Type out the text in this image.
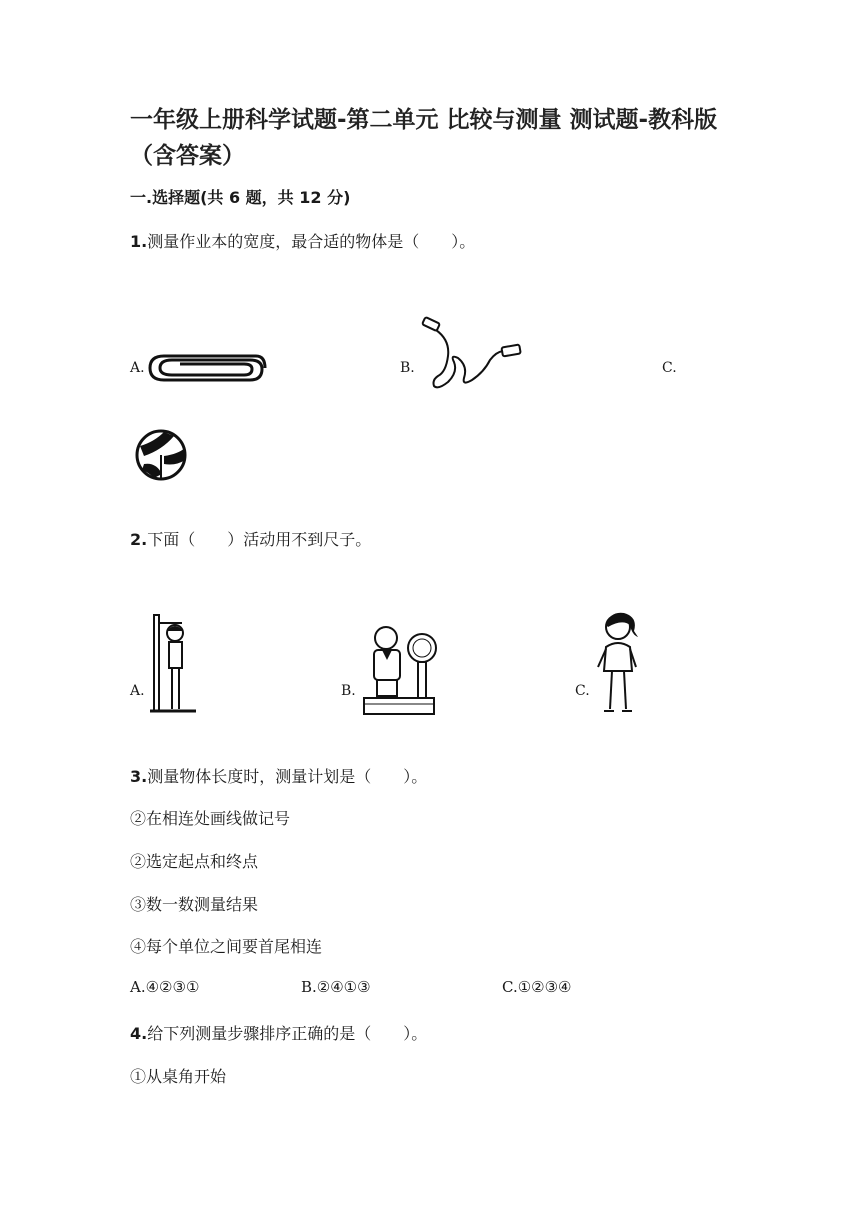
一年级上册科学试题-第二单元 比较与测量 测试题-教科版（含答案）
一.选择题(共 6 题，共 12 分)
1.测量作业本的宽度，最合适的物体是（　　）。
A.	B.	C.
2.下面（　　）活动用不到尺子。
A.	B.	C.
3.测量物体长度时，测量计划是（　　）。
②在相连处画线做记号
②选定起点和终点
③数一数测量结果
④每个单位之间要首尾相连
A.④②③①	B.②④①③	C.①②③④
4.给下列测量步骤排序正确的是（　　）。
①从桌角开始
